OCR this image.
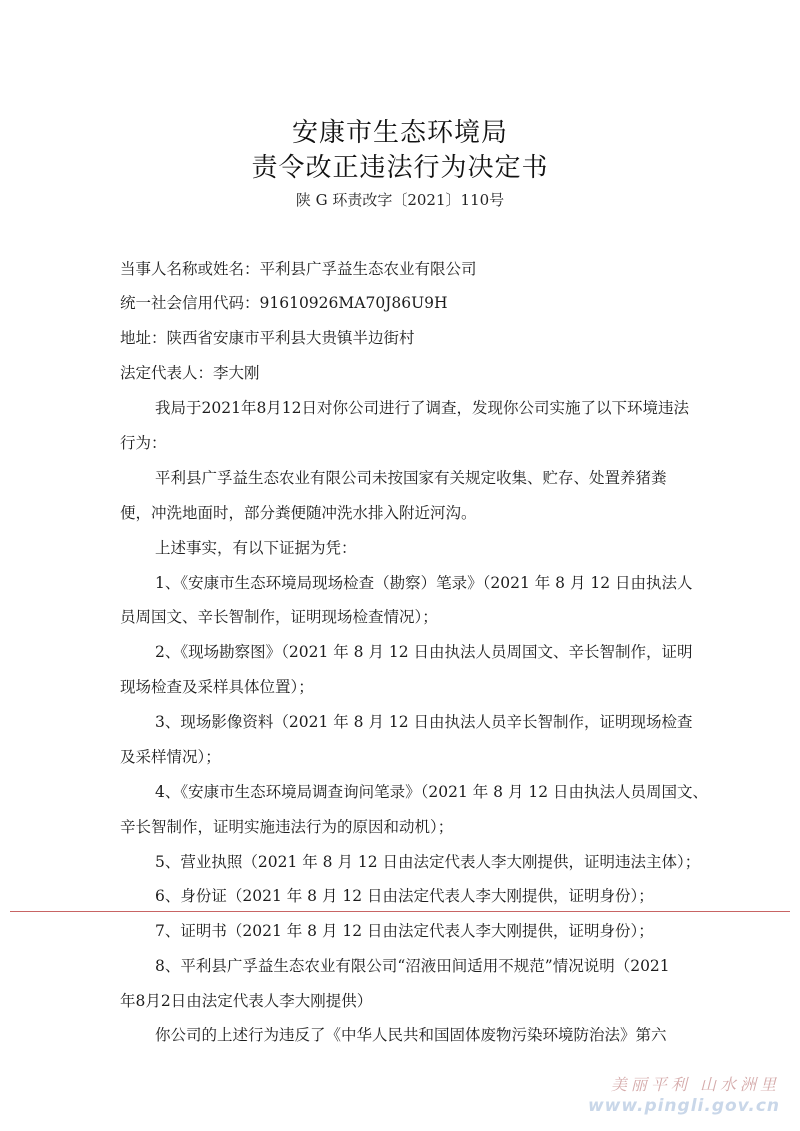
安康市生态环境局
责令改正违法行为决定书
陕 G 环责改字〔2021〕110号
当事人名称或姓名：平利县广孚益生态农业有限公司
统一社会信用代码：91610926MA70J86U9H
地址：陕西省安康市平利县大贵镇半边街村
法定代表人：李大刚
我局于2021年8月12日对你公司进行了调查，发现你公司实施了以下环境违法
行为：
平利县广孚益生态农业有限公司未按国家有关规定收集、贮存、处置养猪粪
便，冲洗地面时，部分粪便随冲洗水排入附近河沟。
上述事实，有以下证据为凭：
1、《安康市生态环境局现场检查（勘察）笔录》（2021 年 8 月 12 日由执法人
员周国文、辛长智制作，证明现场检查情况）；
2、《现场勘察图》（2021 年 8 月 12 日由执法人员周国文、辛长智制作，证明
现场检查及采样具体位置）；
3、现场影像资料（2021 年 8 月 12 日由执法人员辛长智制作，证明现场检查
及采样情况）；
4、《安康市生态环境局调查询问笔录》（2021 年 8 月 12 日由执法人员周国文、
辛长智制作，证明实施违法行为的原因和动机）；
5、营业执照（2021 年 8 月 12 日由法定代表人李大刚提供，证明违法主体）；
6、身份证（2021 年 8 月 12 日由法定代表人李大刚提供，证明身份）；
7、证明书（2021 年 8 月 12 日由法定代表人李大刚提供，证明身份）；
8、平利县广孚益生态农业有限公司“沼液田间适用不规范”情况说明（2021
年8月2日由法定代表人李大刚提供）
你公司的上述行为违反了《中华人民共和国固体废物污染环境防治法》第六
美丽平利 山水洲里
www.pingli.gov.cn
